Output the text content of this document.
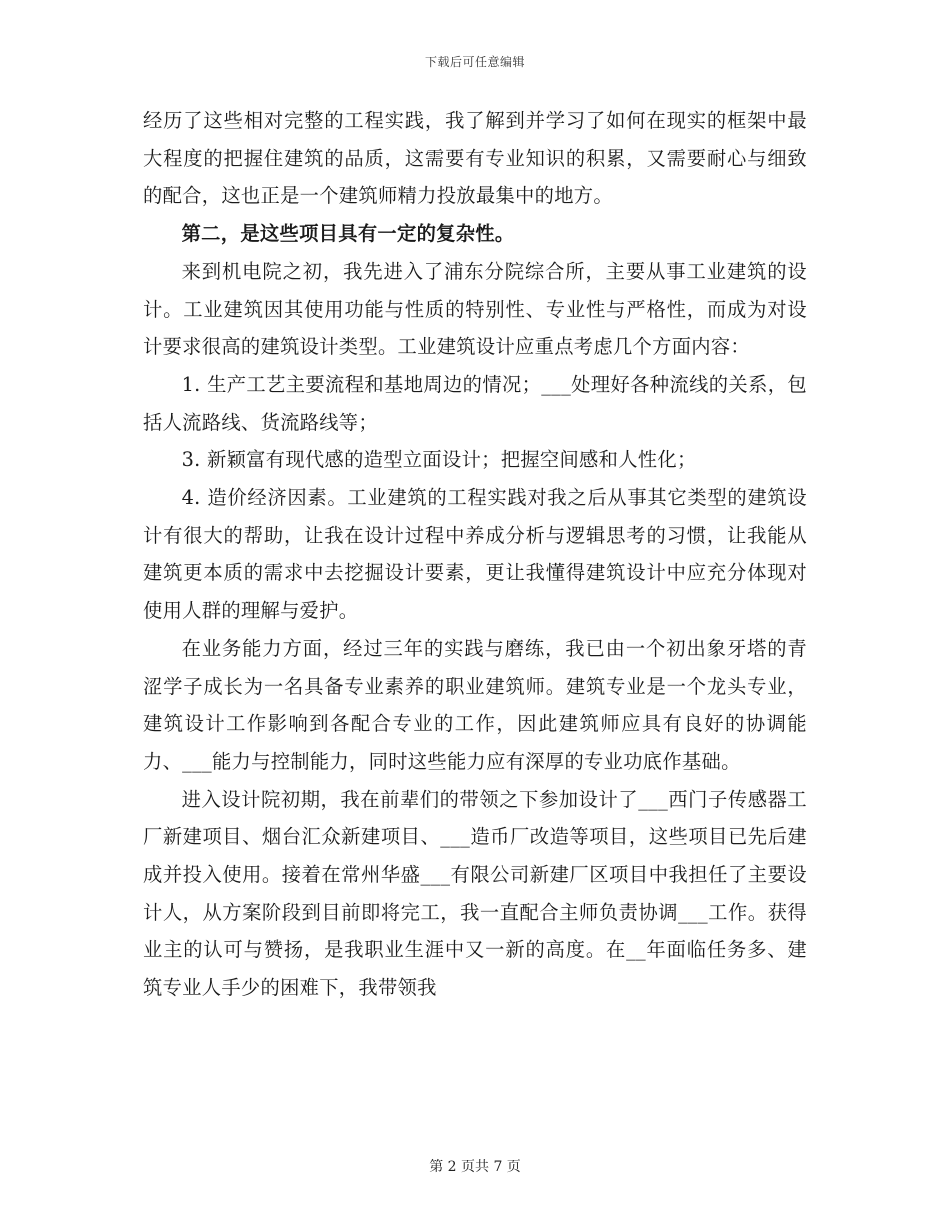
下载后可任意编辑

经历了这些相对完整的工程实践，我了解到并学习了如何在现实的框架中最大程度的把握住建筑的品质，这需要有专业知识的积累，又需要耐心与细致的配合，这也正是一个建筑师精力投放最集中的地方。

第二，是这些项目具有一定的复杂性。

来到机电院之初，我先进入了浦东分院综合所，主要从事工业建筑的设计。工业建筑因其使用功能与性质的特别性、专业性与严格性，而成为对设计要求很高的建筑设计类型。工业建筑设计应重点考虑几个方面内容：

1. 生产工艺主要流程和基地周边的情况；___处理好各种流线的关系，包括人流路线、货流路线等；

3. 新颖富有现代感的造型立面设计；把握空间感和人性化；

4. 造价经济因素。工业建筑的工程实践对我之后从事其它类型的建筑设计有很大的帮助，让我在设计过程中养成分析与逻辑思考的习惯，让我能从建筑更本质的需求中去挖掘设计要素，更让我懂得建筑设计中应充分体现对使用人群的理解与爱护。

在业务能力方面，经过三年的实践与磨练，我已由一个初出象牙塔的青涩学子成长为一名具备专业素养的职业建筑师。建筑专业是一个龙头专业，建筑设计工作影响到各配合专业的工作，因此建筑师应具有良好的协调能力、___能力与控制能力，同时这些能力应有深厚的专业功底作基础。

进入设计院初期，我在前辈们的带领之下参加设计了___西门子传感器工厂新建项目、烟台汇众新建项目、___造币厂改造等项目，这些项目已先后建成并投入使用。接着在常州华盛___有限公司新建厂区项目中我担任了主要设计人，从方案阶段到目前即将完工，我一直配合主师负责协调___工作。获得业主的认可与赞扬，是我职业生涯中又一新的高度。在__年面临任务多、建筑专业人手少的困难下，我带领我

第 2 页共 7 页
